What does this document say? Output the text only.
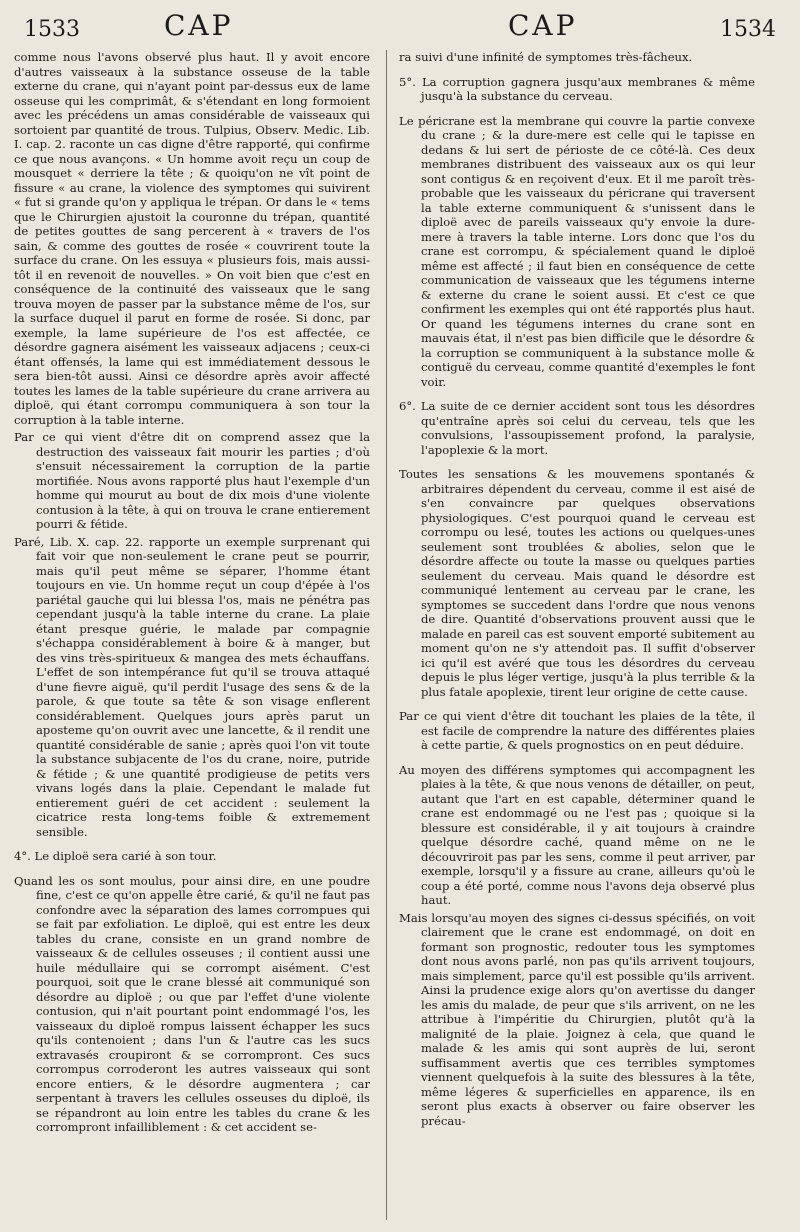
1533	CAP	CAP	1534

comme nous l'avons observé plus haut. Il y avoit encore d'autres vaisseaux à la substance osseuse de la table externe du crane, qui n'ayant point par-dessus eux de lame osseuse qui les comprimât, & s'étendant en long formoient avec les précédens un amas considérable de vaisseaux qui sortoient par quantité de trous. Tulpius, Observ. Medic. Lib. I. cap. 2. raconte un cas digne d'être rapporté, qui confirme ce que nous avançons. « Un homme avoit reçu un coup de mousquet « derriere la tête ; & quoiqu'on ne vît point de fissure « au crane, la violence des symptomes qui suivirent « fut si grande qu'on y appliqua le trépan. Or dans le « tems que le Chirurgien ajustoit la couronne du trépan, quantité de petites gouttes de sang percerent à « travers de l'os sain, & comme des gouttes de rosée « couvrirent toute la surface du crane. On les essuya « plusieurs fois, mais aussi-tôt il en revenoit de nouvelles. » On voit bien que c'est en conséquence de la continuité des vaisseaux que le sang trouva moyen de passer par la substance même de l'os, sur la surface duquel il parut en forme de rosée. Si donc, par exemple, la lame supérieure de l'os est affectée, ce désordre gagnera aisément les vaisseaux adjacens ; ceux-ci étant offensés, la lame qui est immédiatement dessous le sera bien-tôt aussi. Ainsi ce désordre après avoir affecté toutes les lames de la table supérieure du crane arrivera au diploë, qui étant corrompu communiquera à son tour la corruption à la table interne.

Par ce qui vient d'être dit on comprend assez que la destruction des vaisseaux fait mourir les parties ; d'où s'ensuit nécessairement la corruption de la partie mortifiée. Nous avons rapporté plus haut l'exemple d'un homme qui mourut au bout de dix mois d'une violente contusion à la tête, à qui on trouva le crane entierement pourri & fétide.

Paré, Lib. X. cap. 22. rapporte un exemple surprenant qui fait voir que non-seulement le crane peut se pourrir, mais qu'il peut même se séparer, l'homme étant toujours en vie. Un homme reçut un coup d'épée à l'os pariétal gauche qui lui blessa l'os, mais ne pénétra pas cependant jusqu'à la table interne du crane. La plaie étant presque guérie, le malade par compagnie s'échappa considérablement à boire & à manger, but des vins très-spiritueux & mangea des mets échauffans. L'effet de son intempérance fut qu'il se trouva attaqué d'une fievre aiguë, qu'il perdit l'usage des sens & de la parole, & que toute sa tête & son visage enflerent considérablement. Quelques jours après parut un aposteme qu'on ouvrit avec une lancette, & il rendit une quantité considérable de sanie ; après quoi l'on vit toute la substance subjacente de l'os du crane, noire, putride & fétide ; & une quantité prodigieuse de petits vers vivans logés dans la plaie. Cependant le malade fut entierement guéri de cet accident : seulement la cicatrice resta long-tems foible & extremement sensible.

4°. Le diploë sera carié à son tour.

Quand les os sont moulus, pour ainsi dire, en une poudre fine, c'est ce qu'on appelle être carié, & qu'il ne faut pas confondre avec la séparation des lames corrompues qui se fait par exfoliation. Le diploë, qui est entre les deux tables du crane, consiste en un grand nombre de vaisseaux & de cellules osseuses ; il contient aussi une huile médullaire qui se corrompt aisément. C'est pourquoi, soit que le crane blessé ait communiqué son désordre au diploë ; ou que par l'effet d'une violente contusion, qui n'ait pourtant point endommagé l'os, les vaisseaux du diploë rompus laissent échapper les sucs qu'ils contenoient ; dans l'un & l'autre cas les sucs extravasés croupiront & se corrompront. Ces sucs corrompus corroderont les autres vaisseaux qui sont encore entiers, & le désordre augmentera ; car serpentant à travers les cellules osseuses du diploë, ils se répandront au loin entre les tables du crane & les corrompront infailliblement : & cet accident se-

ra suivi d'une infinité de symptomes très-fâcheux.

5°. La corruption gagnera jusqu'aux membranes & même jusqu'à la substance du cerveau.

Le péricrane est la membrane qui couvre la partie convexe du crane ; & la dure-mere est celle qui le tapisse en dedans & lui sert de périoste de ce côté-là. Ces deux membranes distribuent des vaisseaux aux os qui leur sont contigus & en reçoivent d'eux. Et il me paroît très-probable que les vaisseaux du péricrane qui traversent la table externe communiquent & s'unissent dans le diploë avec de pareils vaisseaux qu'y envoie la dure-mere à travers la table interne. Lors donc que l'os du crane est corrompu, & spécialement quand le diploë même est affecté ; il faut bien en conséquence de cette communication de vaisseaux que les tégumens interne & externe du crane le soient aussi. Et c'est ce que confirment les exemples qui ont été rapportés plus haut. Or quand les tégumens internes du crane sont en mauvais état, il n'est pas bien difficile que le désordre & la corruption se communiquent à la substance molle & contiguë du cerveau, comme quantité d'exemples le font voir.

6°. La suite de ce dernier accident sont tous les désordres qu'entraîne après soi celui du cerveau, tels que les convulsions, l'assoupissement profond, la paralysie, l'apoplexie & la mort.

Toutes les sensations & les mouvemens spontanés & arbitraires dépendent du cerveau, comme il est aisé de s'en convaincre par quelques observations physiologiques. C'est pourquoi quand le cerveau est corrompu ou lesé, toutes les actions ou quelques-unes seulement sont troublées & abolies, selon que le désordre affecte ou toute la masse ou quelques parties seulement du cerveau. Mais quand le désordre est communiqué lentement au cerveau par le crane, les symptomes se succedent dans l'ordre que nous venons de dire. Quantité d'observations prouvent aussi que le malade en pareil cas est souvent emporté subitement au moment qu'on ne s'y attendoit pas. Il suffit d'observer ici qu'il est avéré que tous les désordres du cerveau depuis le plus léger vertige, jusqu'à la plus terrible & la plus fatale apoplexie, tirent leur origine de cette cause.

Par ce qui vient d'être dit touchant les plaies de la tête, il est facile de comprendre la nature des différentes plaies à cette partie, & quels prognostics on en peut déduire.

Au moyen des différens symptomes qui accompagnent les plaies à la tête, & que nous venons de détailler, on peut, autant que l'art en est capable, déterminer quand le crane est endommagé ou ne l'est pas ; quoique si la blessure est considérable, il y ait toujours à craindre quelque désordre caché, quand même on ne le découvriroit pas par les sens, comme il peut arriver, par exemple, lorsqu'il y a fissure au crane, ailleurs qu'où le coup a été porté, comme nous l'avons deja observé plus haut.

Mais lorsqu'au moyen des signes ci-dessus spécifiés, on voit clairement que le crane est endommagé, on doit en formant son prognostic, redouter tous les symptomes dont nous avons parlé, non pas qu'ils arrivent toujours, mais simplement, parce qu'il est possible qu'ils arrivent. Ainsi la prudence exige alors qu'on avertisse du danger les amis du malade, de peur que s'ils arrivent, on ne les attribue à l'impéritie du Chirurgien, plutôt qu'à la malignité de la plaie. Joignez à cela, que quand le malade & les amis qui sont auprès de lui, seront suffisamment avertis que ces terribles symptomes viennent quelquefois à la suite des blessures à la tête, même légeres & superficielles en apparence, ils en seront plus exacts à observer ou faire observer les précau-
